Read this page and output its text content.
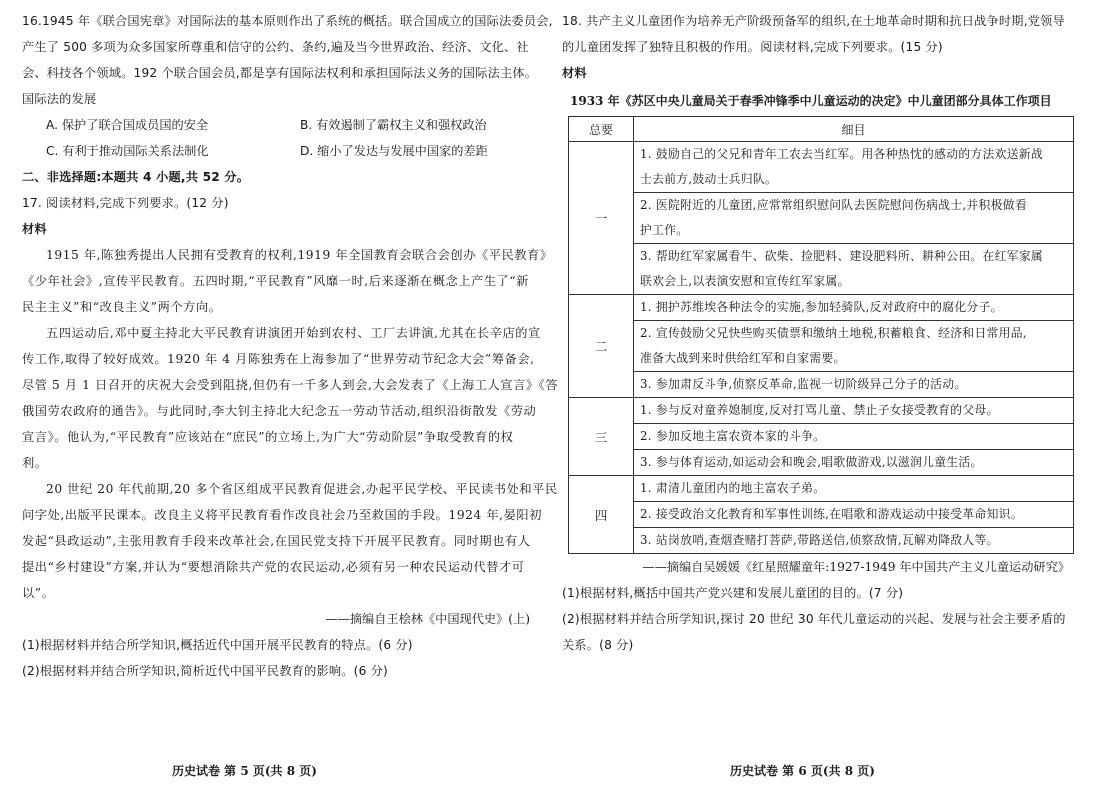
16.1945 年《联合国宪章》对国际法的基本原则作出了系统的概括。联合国成立的国际法委员会,

产生了 500 多项为众多国家所尊重和信守的公约、条约,遍及当今世界政治、经济、文化、社

会、科技各个领域。192 个联合国会员,都是享有国际法权利和承担国际法义务的国际法主体。

国际法的发展

A. 保护了联合国成员国的安全	B. 有效遏制了霸权主义和强权政治
C. 有利于推动国际关系法制化	D. 缩小了发达与发展中国家的差距

二、非选择题:本题共 4 小题,共 52 分。

17. 阅读材料,完成下列要求。(12 分)

材料

1915 年,陈独秀提出人民拥有受教育的权利,1919 年全国教育会联合会创办《平民教育》

《少年社会》,宣传平民教育。五四时期,“平民教育”风靡一时,后来逐渐在概念上产生了“新

民主主义”和“改良主义”两个方向。

五四运动后,邓中夏主持北大平民教育讲演团开始到农村、工厂去讲演,尤其在长辛店的宣

传工作,取得了较好成效。1920 年 4 月陈独秀在上海参加了“世界劳动节纪念大会”筹备会,

尽管 5 月 1 日召开的庆祝大会受到阻挠,但仍有一千多人到会,大会发表了《上海工人宣言》《答

俄国劳农政府的通告》。与此同时,李大钊主持北大纪念五一劳动节活动,组织沿街散发《劳动

宣言》。他认为,“平民教育”应该站在“庶民”的立场上,为广大“劳动阶层”争取受教育的权

利。

20 世纪 20 年代前期,20 多个省区组成平民教育促进会,办起平民学校、平民读书处和平民

问字处,出版平民课本。改良主义将平民教育看作改良社会乃至救国的手段。1924 年,晏阳初

发起“县政运动”,主张用教育手段来改革社会,在国民党支持下开展平民教育。同时期也有人

提出“乡村建设”方案,并认为“要想消除共产党的农民运动,必须有另一种农民运动代替才可

以”。

——摘编自王桧林《中国现代史》(上)

(1)根据材料并结合所学知识,概括近代中国开展平民教育的特点。(6 分)

(2)根据材料并结合所学知识,简析近代中国平民教育的影响。(6 分)

历史试卷 第 5 页(共 8 页)

18. 共产主义儿童团作为培养无产阶级预备军的组织,在土地革命时期和抗日战争时期,党领导

的儿童团发挥了独特且积极的作用。阅读材料,完成下列要求。(15 分)

材料

1933 年《苏区中央儿童局关于春季冲锋季中儿童运动的决定》中儿童团部分具体工作项目

总要	细目
一	1. 鼓励自己的父兄和青年工农去当红军。用各种热忱的感动的方法欢送新战
士去前方,鼓动士兵归队。

	2. 医院附近的儿童团,应常常组织慰问队去医院慰问伤病战士,并积极做看
护工作。

	3. 帮助红军家属看牛、砍柴、捡肥料、建设肥料所、耕种公田。在红军家属
联欢会上,以表演安慰和宣传红军家属。

二	1. 拥护苏维埃各种法令的实施,参加轻骑队,反对政府中的腐化分子。

	2. 宣传鼓励父兄快些购买债票和缴纳土地税,积蓄粮食、经济和日常用品,
准备大战到来时供给红军和自家需要。

	3. 参加肃反斗争,侦察反革命,监视一切阶级异己分子的活动。

三	1. 参与反对童养媳制度,反对打骂儿童、禁止子女接受教育的父母。

	2. 参加反地主富农资本家的斗争。

	3. 参与体育运动,如运动会和晚会,唱歌做游戏,以滋润儿童生活。

四	1. 肃清儿童团内的地主富农子弟。

	2. 接受政治文化教育和军事性训练,在唱歌和游戏运动中接受革命知识。

	3. 站岗放哨,查烟查赌打菩萨,带路送信,侦察敌情,瓦解劝降敌人等。

——摘编自吴媛媛《红星照耀童年:1927-1949 年中国共产主义儿童运动研究》

(1)根据材料,概括中国共产党兴建和发展儿童团的目的。(7 分)

(2)根据材料并结合所学知识,探讨 20 世纪 30 年代儿童运动的兴起、发展与社会主要矛盾的

关系。(8 分)

历史试卷 第 6 页(共 8 页)
